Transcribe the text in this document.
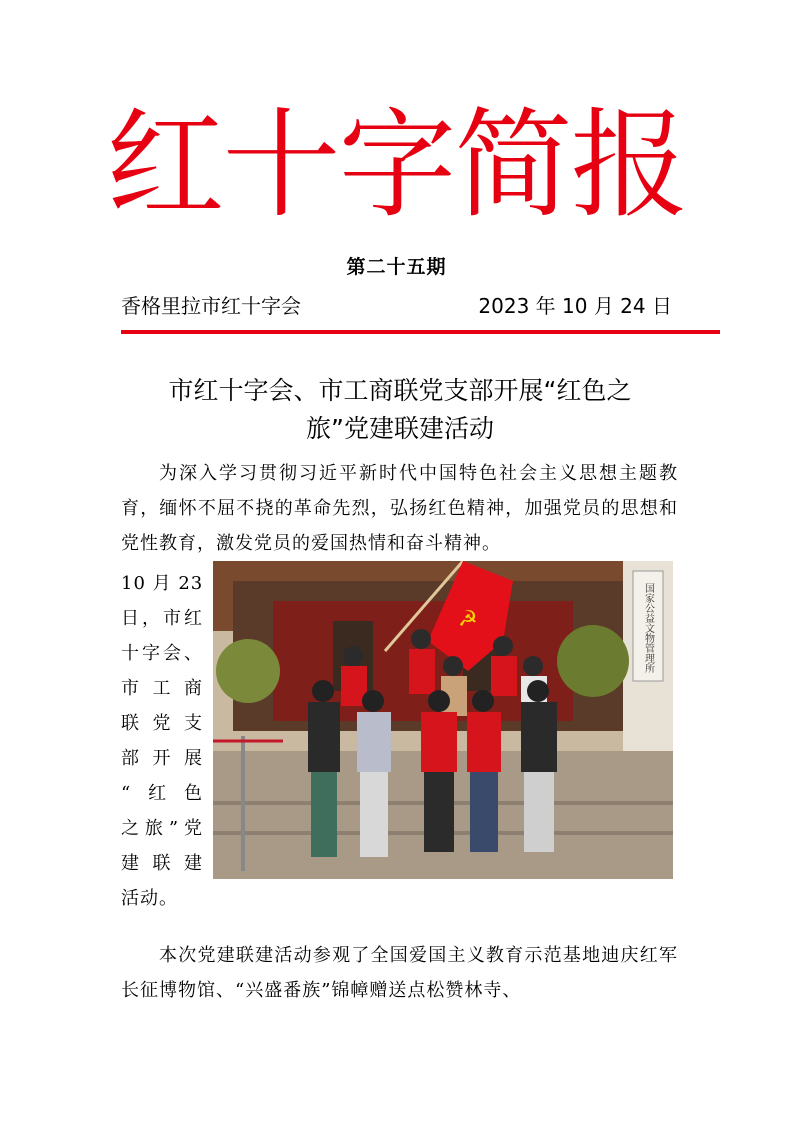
红十字简报
第二十五期
香格里拉市红十字会	2023 年 10 月 24 日
市红十字会、市工商联党支部开展“红色之
旅”党建联建活动
为深入学习贯彻习近平新时代中国特色社会主义思想主题教育，缅怀不屈不挠的革命先烈，弘扬红色精神，加强党员的思想和党性教育，激发党员的爱国热情和奋斗精神。
10 月 23
日，市红
十字会、
市工商
联党支
部开展
“红色
之旅”党
建联建
活动。
国家公益文物管理所
☭
本次党建联建活动参观了全国爱国主义教育示范基地迪庆红军长征博物馆、“兴盛番族”锦幛赠送点松赞林寺、
